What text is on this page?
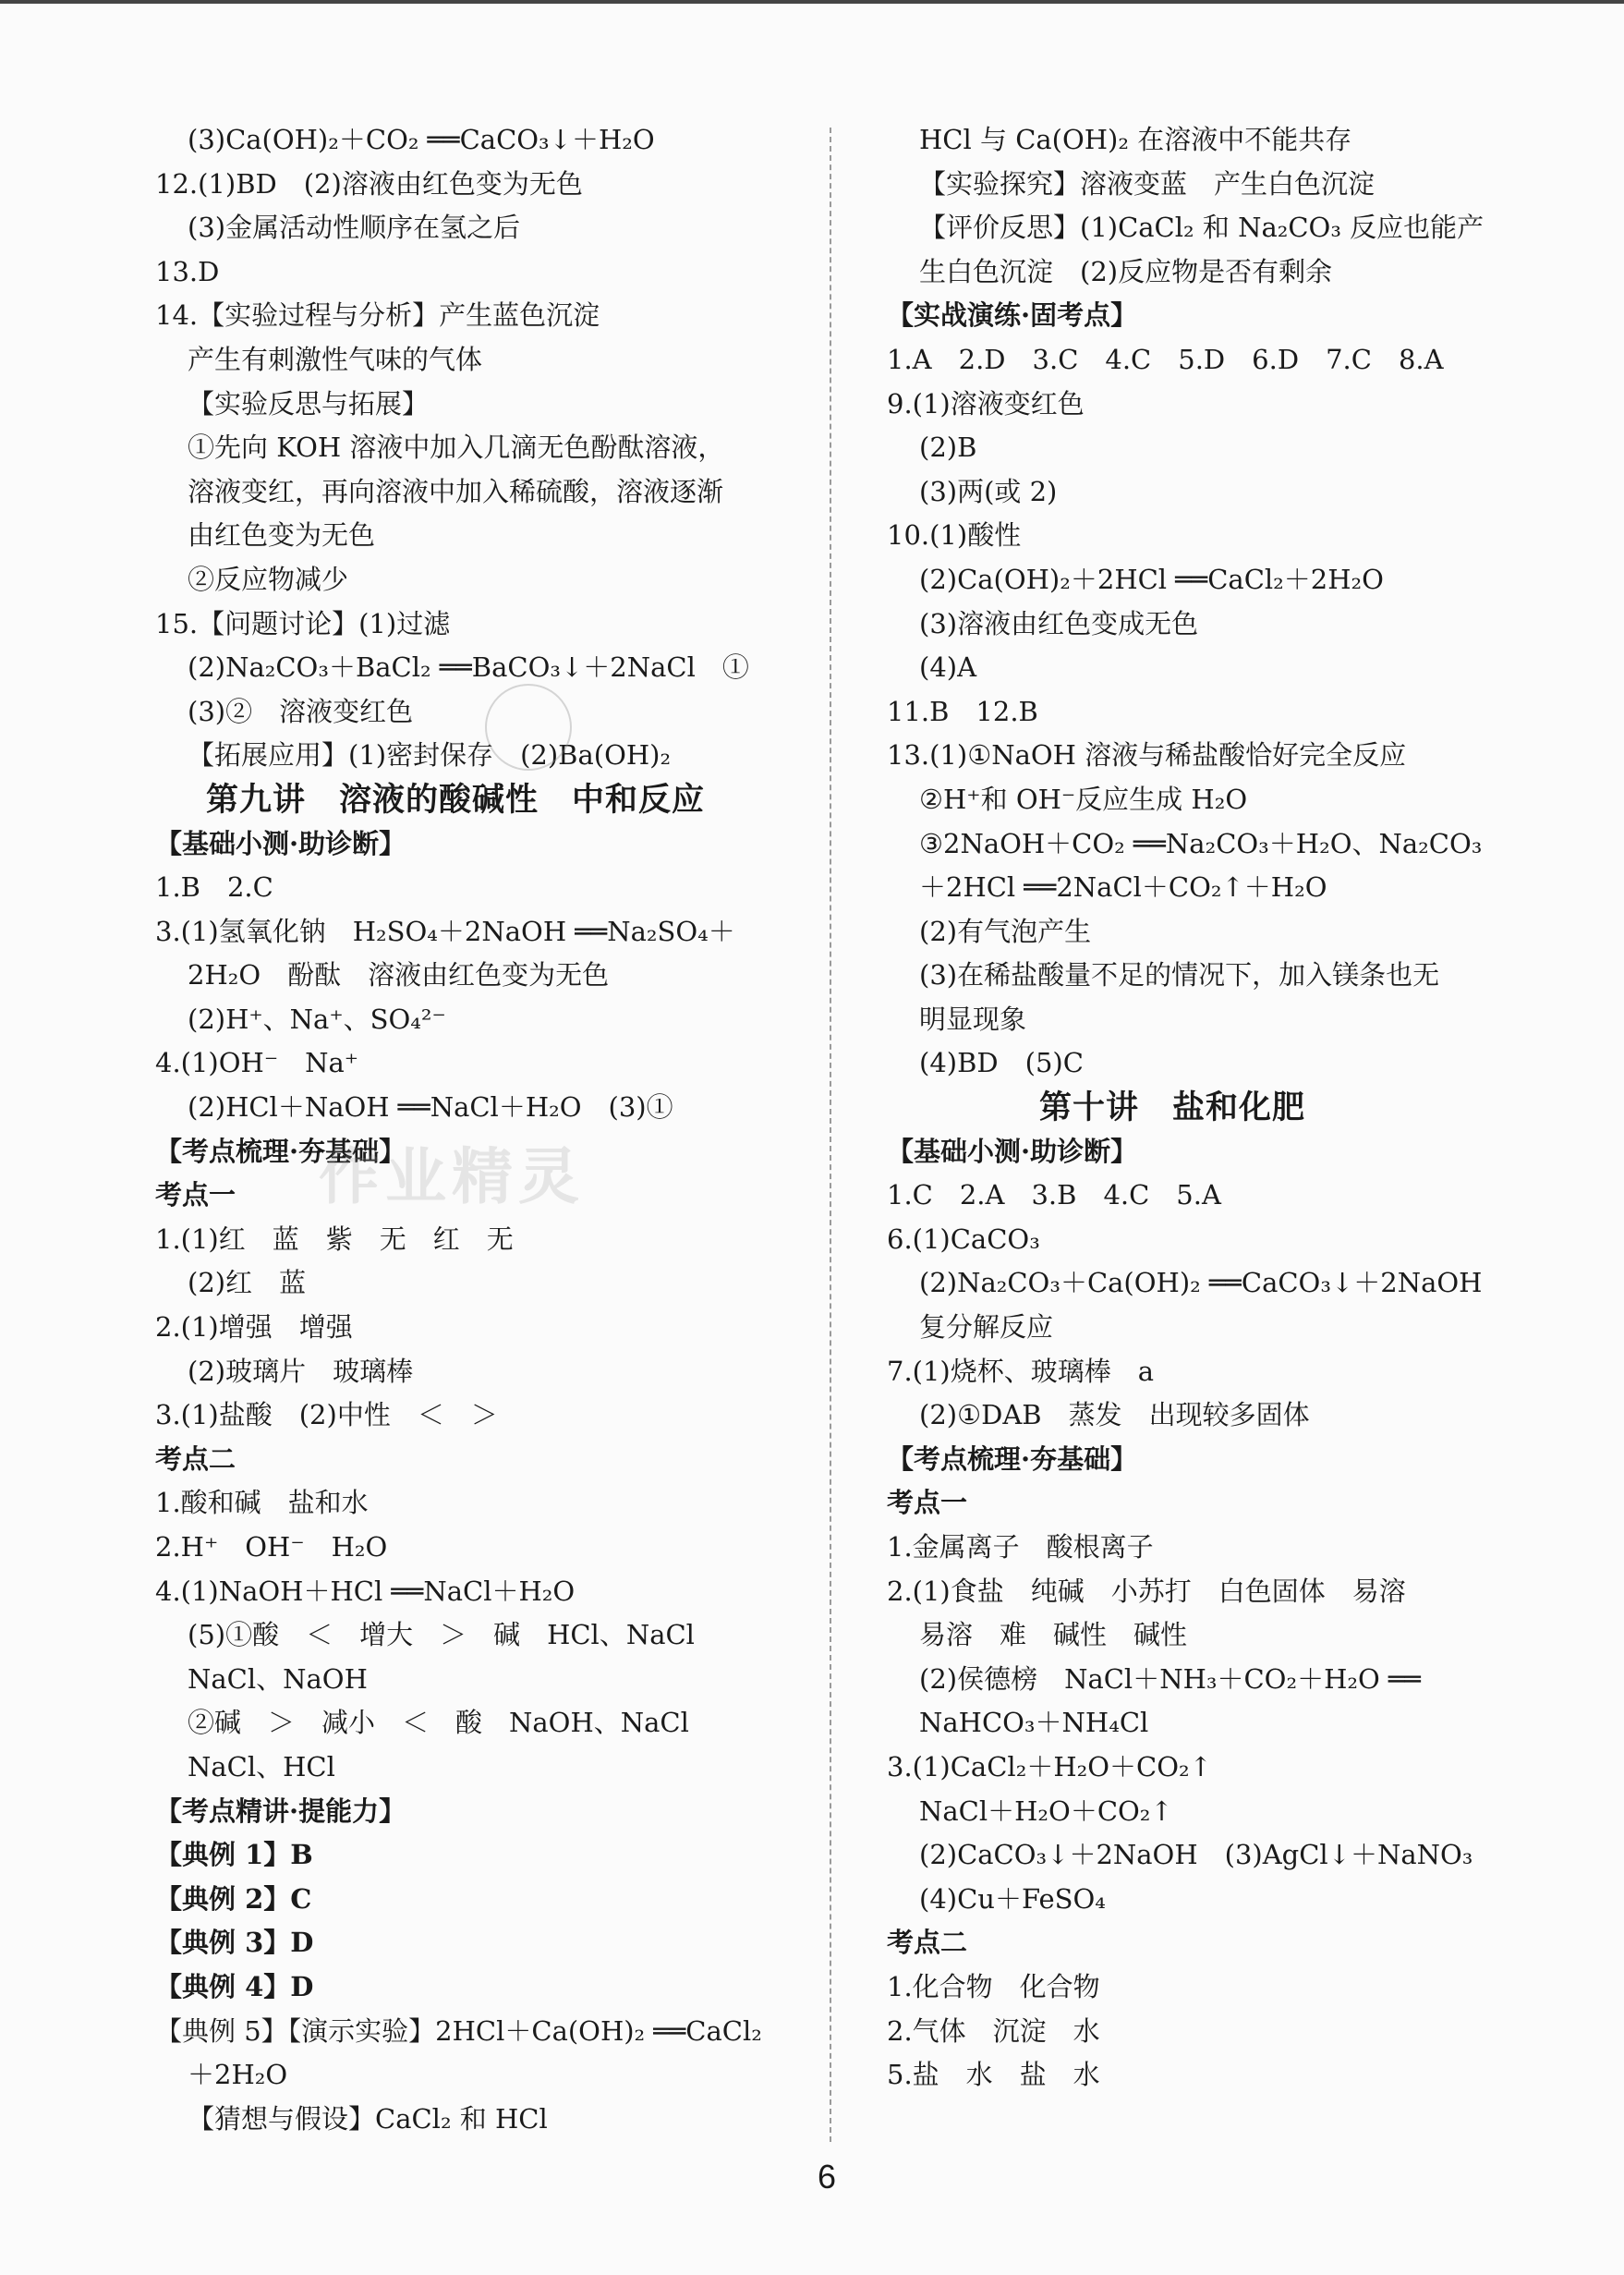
(3)Ca(OH)₂＋CO₂ ══CaCO₃↓＋H₂O
12.(1)BD　(2)溶液由红色变为无色
(3)金属活动性顺序在氢之后
13.D
14.【实验过程与分析】产生蓝色沉淀
产生有刺激性气味的气体
【实验反思与拓展】
①先向 KOH 溶液中加入几滴无色酚酞溶液，
溶液变红，再向溶液中加入稀硫酸，溶液逐渐
由红色变为无色
②反应物减少
15.【问题讨论】(1)过滤
(2)Na₂CO₃＋BaCl₂ ══BaCO₃↓＋2NaCl　①
(3)②　溶液变红色
【拓展应用】(1)密封保存　(2)Ba(OH)₂
第九讲　溶液的酸碱性　中和反应
【基础小测·助诊断】
1.B　2.C
3.(1)氢氧化钠　H₂SO₄＋2NaOH ══Na₂SO₄＋
2H₂O　酚酞　溶液由红色变为无色
(2)H⁺、Na⁺、SO₄²⁻
4.(1)OH⁻　Na⁺
(2)HCl＋NaOH ══NaCl＋H₂O　(3)①
【考点梳理·夯基础】
考点一
1.(1)红　蓝　紫　无　红　无
(2)红　蓝
2.(1)增强　增强
(2)玻璃片　玻璃棒
3.(1)盐酸　(2)中性　＜　＞
考点二
1.酸和碱　盐和水
2.H⁺　OH⁻　H₂O
4.(1)NaOH＋HCl ══NaCl＋H₂O
(5)①酸　＜　增大　＞　碱　HCl、NaCl
NaCl、NaOH
②碱　＞　减小　＜　酸　NaOH、NaCl
NaCl、HCl
【考点精讲·提能力】
【典例 1】B
【典例 2】C
【典例 3】D
【典例 4】D
【典例 5】【演示实验】2HCl＋Ca(OH)₂ ══CaCl₂
＋2H₂O
【猜想与假设】CaCl₂ 和 HCl
HCl 与 Ca(OH)₂ 在溶液中不能共存
【实验探究】溶液变蓝　产生白色沉淀
【评价反思】(1)CaCl₂ 和 Na₂CO₃ 反应也能产
生白色沉淀　(2)反应物是否有剩余
【实战演练·固考点】
1.A　2.D　3.C　4.C　5.D　6.D　7.C　8.A
9.(1)溶液变红色
(2)B
(3)两(或 2)
10.(1)酸性
(2)Ca(OH)₂＋2HCl ══CaCl₂＋2H₂O
(3)溶液由红色变成无色
(4)A
11.B　12.B
13.(1)①NaOH 溶液与稀盐酸恰好完全反应
②H⁺和 OH⁻反应生成 H₂O
③2NaOH＋CO₂ ══Na₂CO₃＋H₂O、Na₂CO₃
＋2HCl ══2NaCl＋CO₂↑＋H₂O
(2)有气泡产生
(3)在稀盐酸量不足的情况下，加入镁条也无
明显现象
(4)BD　(5)C
第十讲　盐和化肥
【基础小测·助诊断】
1.C　2.A　3.B　4.C　5.A
6.(1)CaCO₃
(2)Na₂CO₃＋Ca(OH)₂ ══CaCO₃↓＋2NaOH
复分解反应
7.(1)烧杯、玻璃棒　a
(2)①DAB　蒸发　出现较多固体
【考点梳理·夯基础】
考点一
1.金属离子　酸根离子
2.(1)食盐　纯碱　小苏打　白色固体　易溶
易溶　难　碱性　碱性
(2)侯德榜　NaCl＋NH₃＋CO₂＋H₂O ══
NaHCO₃＋NH₄Cl
3.(1)CaCl₂＋H₂O＋CO₂↑
NaCl＋H₂O＋CO₂↑
(2)CaCO₃↓＋2NaOH　(3)AgCl↓＋NaNO₃
(4)Cu＋FeSO₄
考点二
1.化合物　化合物
2.气体　沉淀　水
5.盐　水　盐　水
作业精灵
6
